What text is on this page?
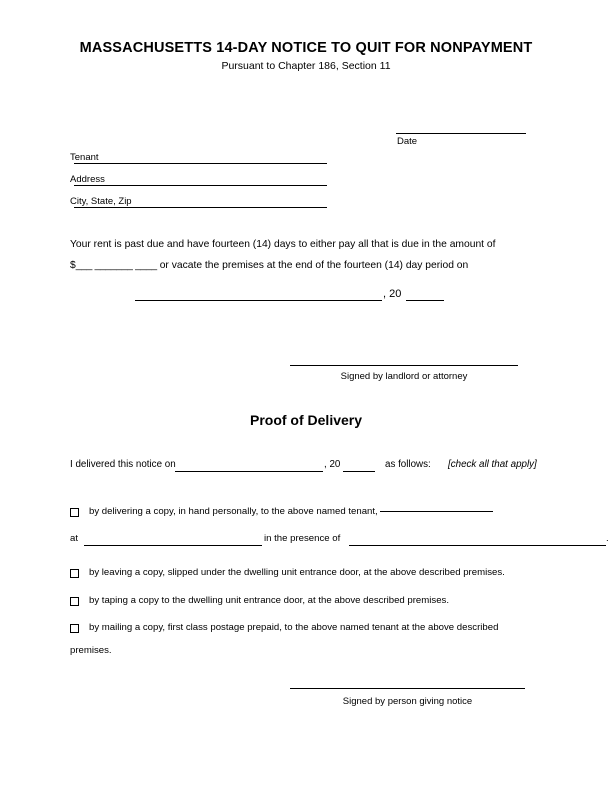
MASSACHUSETTS 14-DAY NOTICE TO QUIT FOR NONPAYMENT
Pursuant to Chapter 186, Section 11
Date
Tenant
Address
City, State, Zip
Your rent is past due and have fourteen (14) days to either pay all that is due in the amount of
$___ _______ ____ or vacate the premises at the end of the fourteen (14) day period on
, 20
Signed by landlord or attorney
Proof of Delivery
I delivered this notice on	, 20	as follows: [check all that apply]
by delivering a copy, in hand personally, to the above named tenant,
at	in the presence of	.
by leaving a copy, slipped under the dwelling unit entrance door, at the above described premises.
by taping a copy to the dwelling unit entrance door, at the above described premises.
by mailing a copy, first class postage prepaid, to the above named tenant at the above described
premises.
Signed by person giving notice
